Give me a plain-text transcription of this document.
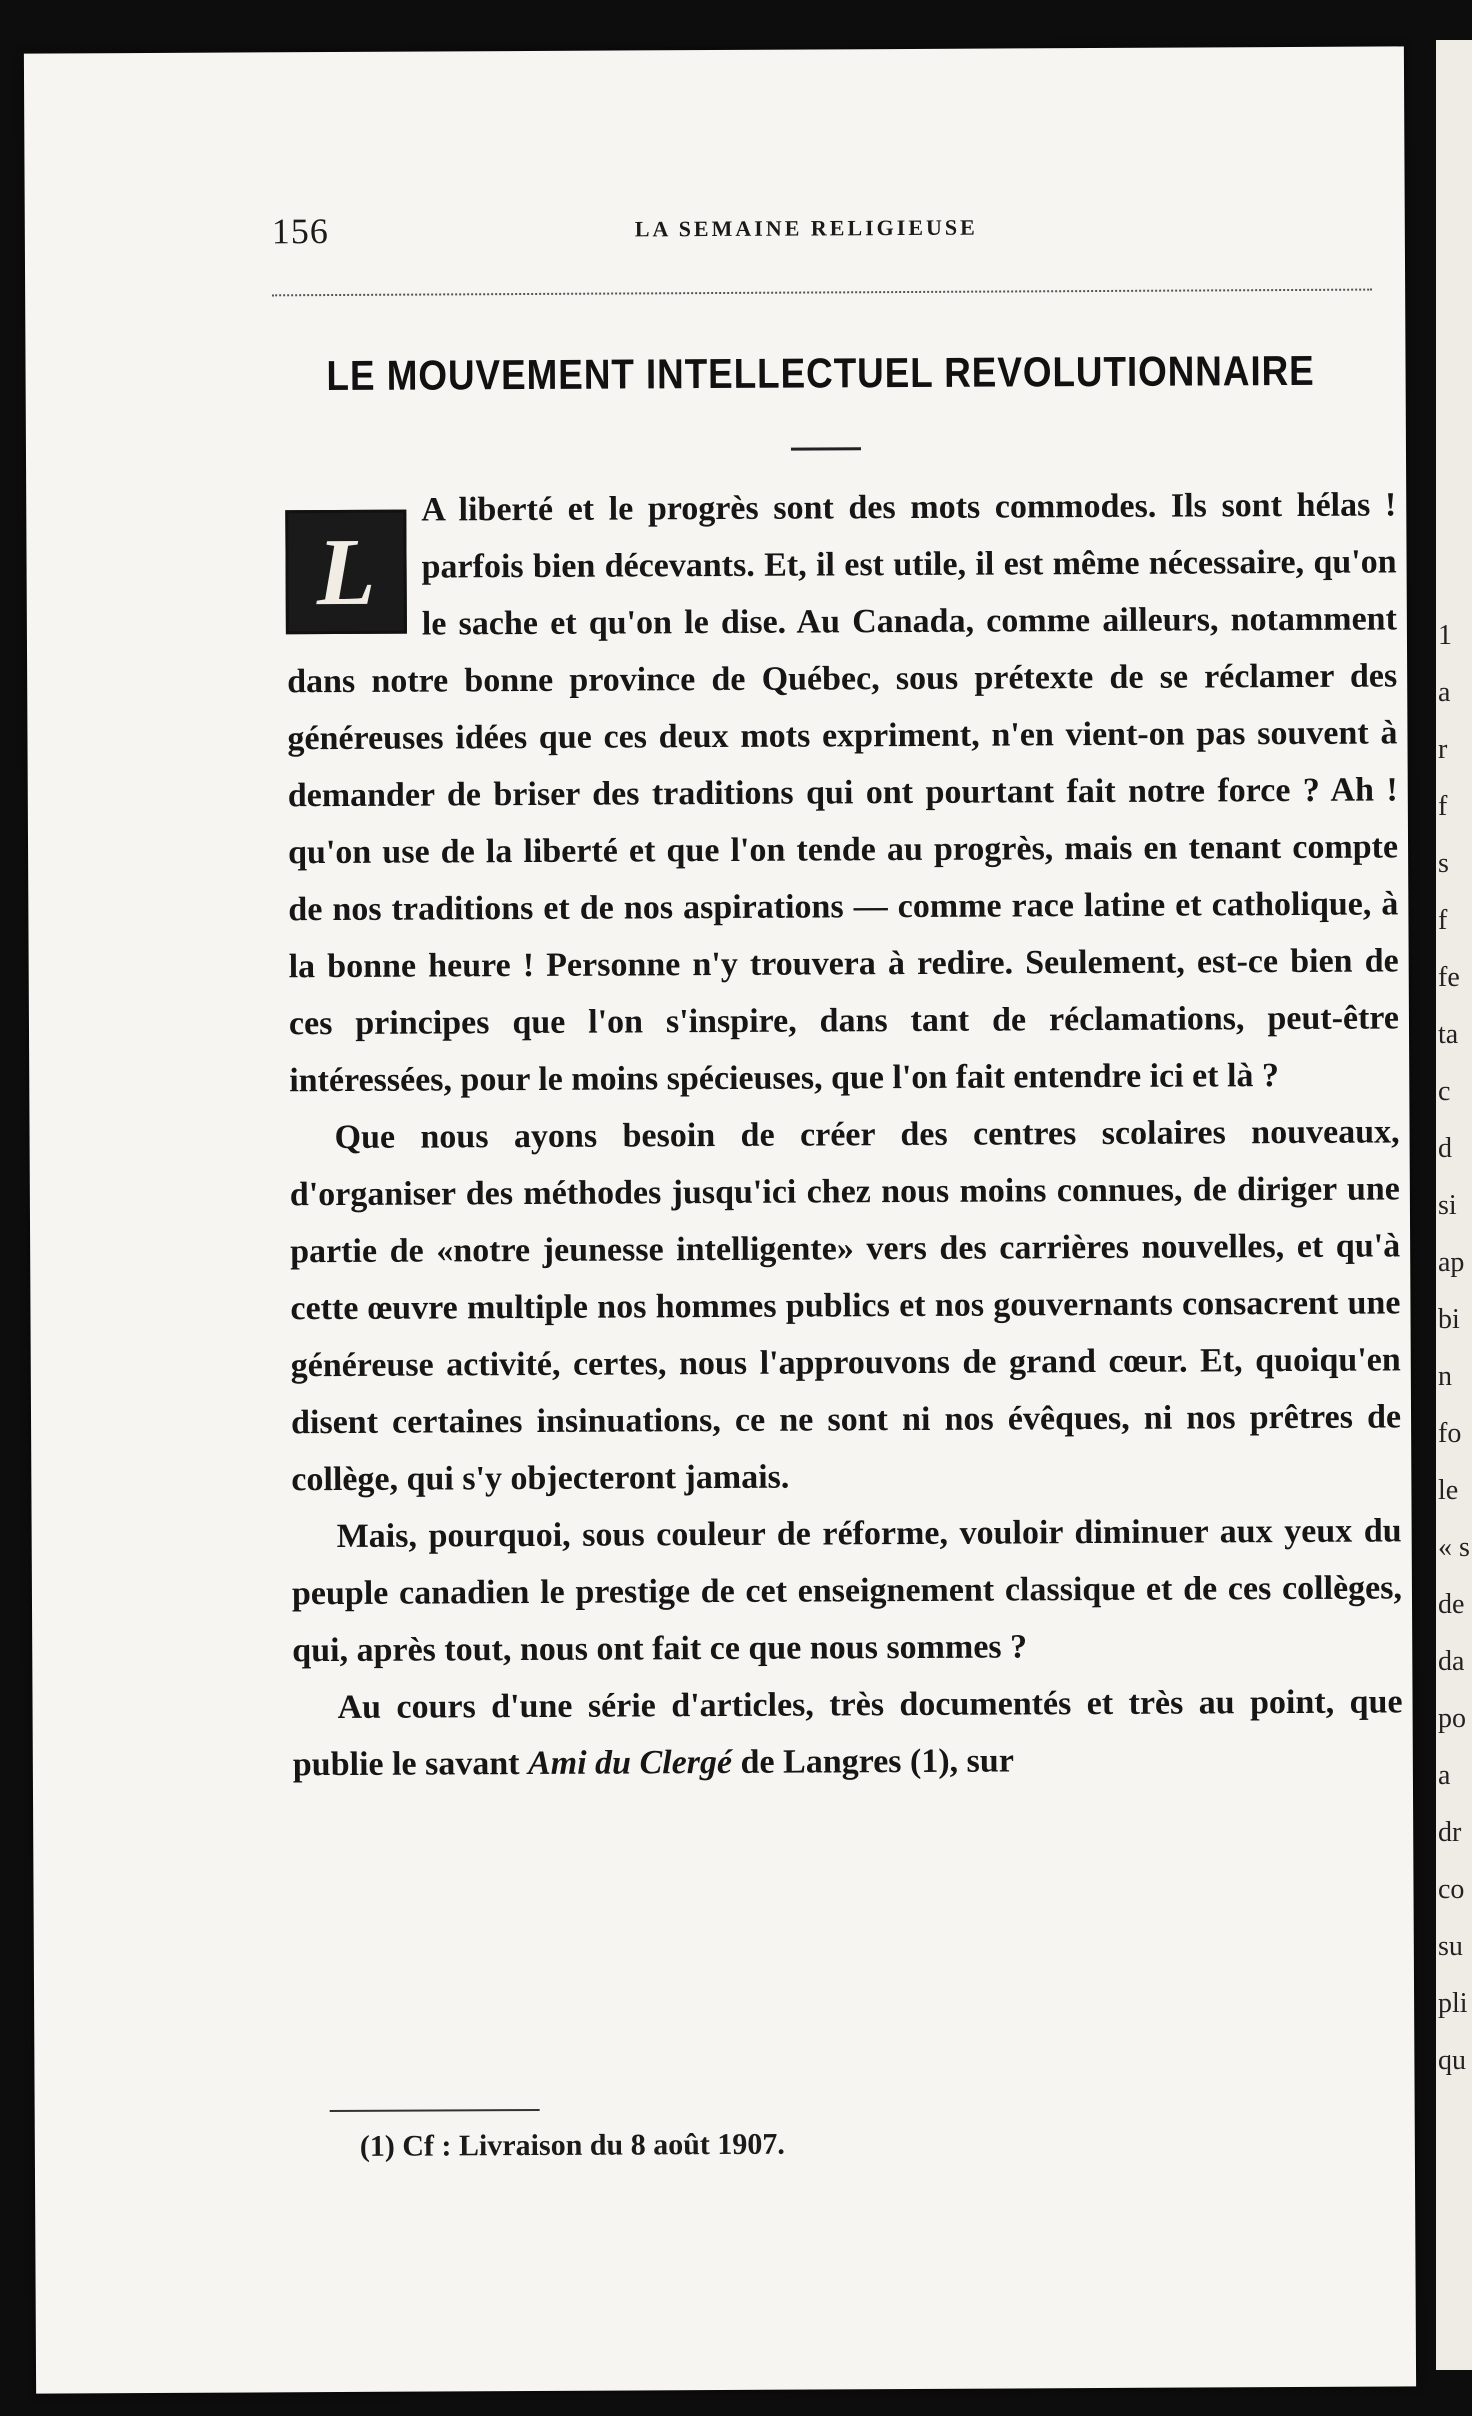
156	LA SEMAINE RELIGIEUSE
LE MOUVEMENT INTELLECTUEL REVOLUTIONNAIRE
L

A liberté et le progrès sont des mots commodes. Ils sont hélas ! parfois bien décevants. Et, il est utile, il est même nécessaire, qu'on le sache et qu'on le dise. Au Canada, comme ailleurs, notamment dans notre bonne province de Québec, sous prétexte de se réclamer des généreuses idées que ces deux mots expriment, n'en vient-on pas souvent à demander de briser des traditions qui ont pourtant fait notre force ? Ah ! qu'on use de la liberté et que l'on tende au progrès, mais en tenant compte de nos traditions et de nos aspirations — comme race latine et catholique, à la bonne heure ! Personne n'y trouvera à redire. Seulement, est-ce bien de ces principes que l'on s'inspire, dans tant de réclamations, peut-être intéressées, pour le moins spécieuses, que l'on fait entendre ici et là ?

Que nous ayons besoin de créer des centres scolaires nouveaux, d'organiser des méthodes jusqu'ici chez nous moins connues, de diriger une partie de «notre jeunesse intelligente» vers des carrières nouvelles, et qu'à cette œuvre multiple nos hommes publics et nos gouvernants consacrent une généreuse activité, certes, nous l'approuvons de grand cœur. Et, quoiqu'en disent certaines insinuations, ce ne sont ni nos évêques, ni nos prêtres de collège, qui s'y objecteront jamais.

Mais, pourquoi, sous couleur de réforme, vouloir diminuer aux yeux du peuple canadien le prestige de cet enseignement classique et de ces collèges, qui, après tout, nous ont fait ce que nous sommes ?

Au cours d'une série d'articles, très documentés et très au point, que publie le savant Ami du Clergé de Langres (1), sur

(1) Cf : Livraison du 8 août 1907.
1
a
r
f
s
f
fe
ta
c
d
si
ap
bi
n
fo
le
« s
de
da
po
a
dr
co
su
pli
qu
